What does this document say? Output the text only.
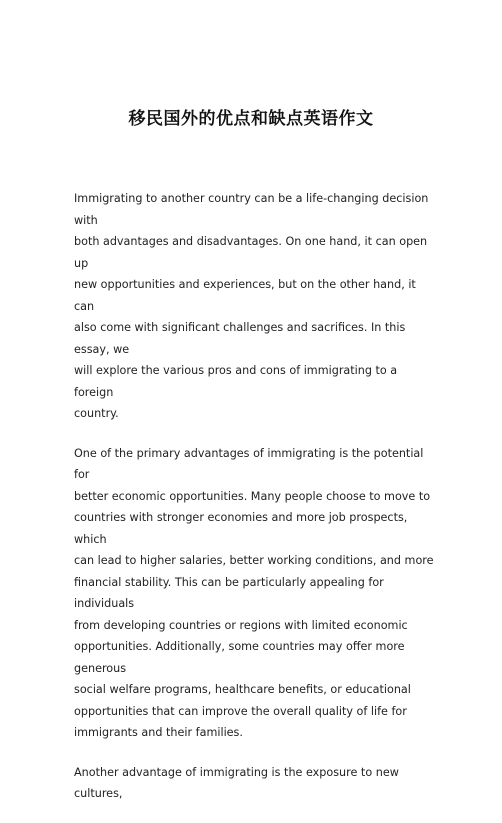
移民国外的优点和缺点英语作文

Immigrating to another country can be a life-changing decision with
both advantages and disadvantages. On one hand, it can open up
new opportunities and experiences, but on the other hand, it can
also come with significant challenges and sacrifices. In this essay, we
will explore the various pros and cons of immigrating to a foreign
country.

One of the primary advantages of immigrating is the potential for
better economic opportunities. Many people choose to move to
countries with stronger economies and more job prospects, which
can lead to higher salaries, better working conditions, and more
financial stability. This can be particularly appealing for individuals
from developing countries or regions with limited economic
opportunities. Additionally, some countries may offer more generous
social welfare programs, healthcare benefits, or educational
opportunities that can improve the overall quality of life for
immigrants and their families.

Another advantage of immigrating is the exposure to new cultures,
